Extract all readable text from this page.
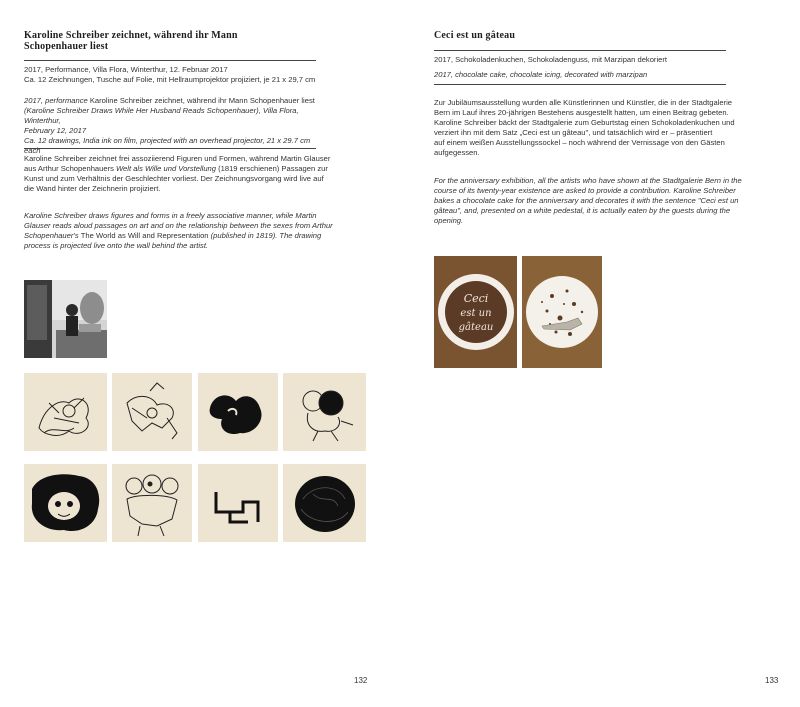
Karoline Schreiber zeichnet, während ihr Mann
Schopenhauer liest
2017, Performance, Villa Flora, Winterthur, 12. Februar 2017
Ca. 12 Zeichnungen, Tusche auf Folie, mit Hellraumprojektor projiziert, je 21 x 29,7 cm
2017, performance Karoline Schreiber zeichnet, während ihr Mann Schopenhauer liest
(Karoline Schreiber Draws While Her Husband Reads Schopenhauer), Villa Flora, Winterthur,
February 12, 2017
Ca. 12 drawings, India ink on film, projected with an overhead projector, 21 x 29.7 cm each
Karoline Schreiber zeichnet frei assoziierend Figuren und Formen, während Martin Glauser
aus Arthur Schopenhauers Welt als Wille und Vorstellung (1819 erschienen) Passagen zur
Kunst und zum Verhältnis der Geschlechter vorliest. Der Zeichnungsvorgang wird live auf
die Wand hinter der Zeichnerin projiziert.
Karoline Schreiber draws figures and forms in a freely associative manner, while Martin
Glauser reads aloud passages on art and on the relationship between the sexes from Arthur
Schopenhauer's The World as Will and Representation (published in 1819). The drawing
process is projected live onto the wall behind the artist.
132
Ceci est un gâteau
2017, Schokoladenkuchen, Schokoladenguss, mit Marzipan dekoriert
2017, chocolate cake, chocolate icing, decorated with marzipan
Zur Jubiläumsausstellung wurden alle Künstlerinnen und Künstler, die in der Stadtgalerie
Bern im Lauf ihres 20-jährigen Bestehens ausgestellt hatten, um einen Beitrag gebeten.
Karoline Schreiber bäckt der Stadtgalerie zum Geburtstag einen Schokoladenkuchen und
verziert ihn mit dem Satz „Ceci est un gâteau", und tatsächlich wird er – präsentiert
auf einem weißen Ausstellungssockel – noch während der Vernissage von den Gästen
aufgegessen.
For the anniversary exhibition, all the artists who have shown at the Stadtgalerie Bern in the
course of its twenty-year existence are asked to provide a contribution. Karoline Schreiber
bakes a chocolate cake for the anniversary and decorates it with the sentence "Ceci est un
gâteau", and, presented on a white pedestal, it is actually eaten by the guests during the
opening.
Ceci
est un
gâteau
133
